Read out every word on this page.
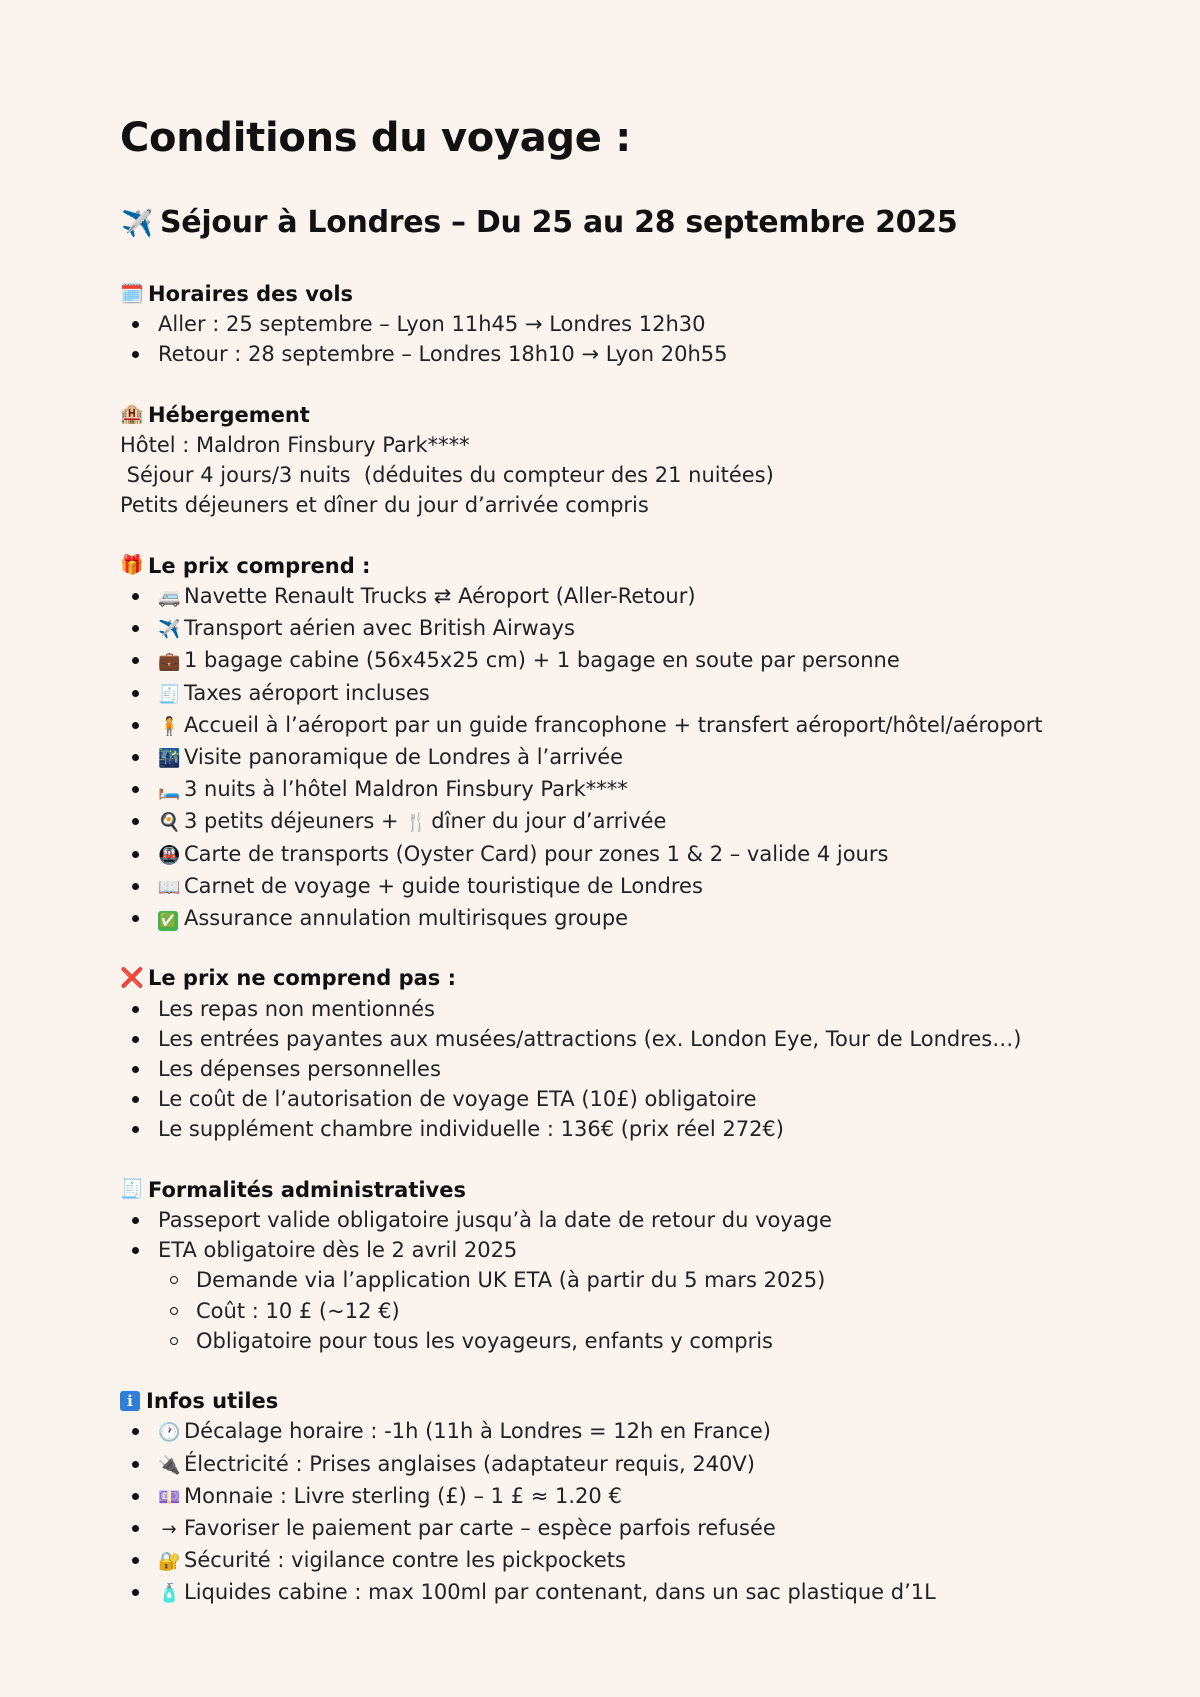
Conditions du voyage :
✈️ Séjour à Londres – Du 25 au 28 septembre 2025
🗓️ Horaires des vols
Aller : 25 septembre – Lyon 11h45 → Londres 12h30
Retour : 28 septembre – Londres 18h10 → Lyon 20h55
🏨 Hébergement
Hôtel : Maldron Finsbury Park****
Séjour 4 jours/3 nuits  (déduites du compteur des 21 nuitées)
Petits déjeuners et dîner du jour d’arrivée compris
🎁 Le prix comprend :
🚐 Navette Renault Trucks ⇄ Aéroport (Aller-Retour)
✈️ Transport aérien avec British Airways
💼 1 bagage cabine (56x45x25 cm) + 1 bagage en soute par personne
🧾 Taxes aéroport incluses
🧍 Accueil à l’aéroport par un guide francophone + transfert aéroport/hôtel/aéroport
🌃 Visite panoramique de Londres à l’arrivée
🛏️ 3 nuits à l’hôtel Maldron Finsbury Park****
🍳 3 petits déjeuners + 🍴 dîner du jour d’arrivée
🚇 Carte de transports (Oyster Card) pour zones 1 & 2 – valide 4 jours
📖 Carnet de voyage + guide touristique de Londres
✅ Assurance annulation multirisques groupe
❌ Le prix ne comprend pas :
Les repas non mentionnés
Les entrées payantes aux musées/attractions (ex. London Eye, Tour de Londres…)
Les dépenses personnelles
Le coût de l’autorisation de voyage ETA (10£) obligatoire
Le supplément chambre individuelle : 136€ (prix réel 272€)
🧾 Formalités administratives
Passeport valide obligatoire jusqu’à la date de retour du voyage
ETA obligatoire dès le 2 avril 2025
Demande via l’application UK ETA (à partir du 5 mars 2025)
Coût : 10 £ (~12 €)
Obligatoire pour tous les voyageurs, enfants y compris
i Infos utiles
🕐 Décalage horaire : -1h (11h à Londres = 12h en France)
🔌 Électricité : Prises anglaises (adaptateur requis, 240V)
💷 Monnaie : Livre sterling (£) – 1 £ ≈ 1.20 €
→ Favoriser le paiement par carte – espèce parfois refusée
🔐 Sécurité : vigilance contre les pickpockets
🧴 Liquides cabine : max 100ml par contenant, dans un sac plastique d’1L
